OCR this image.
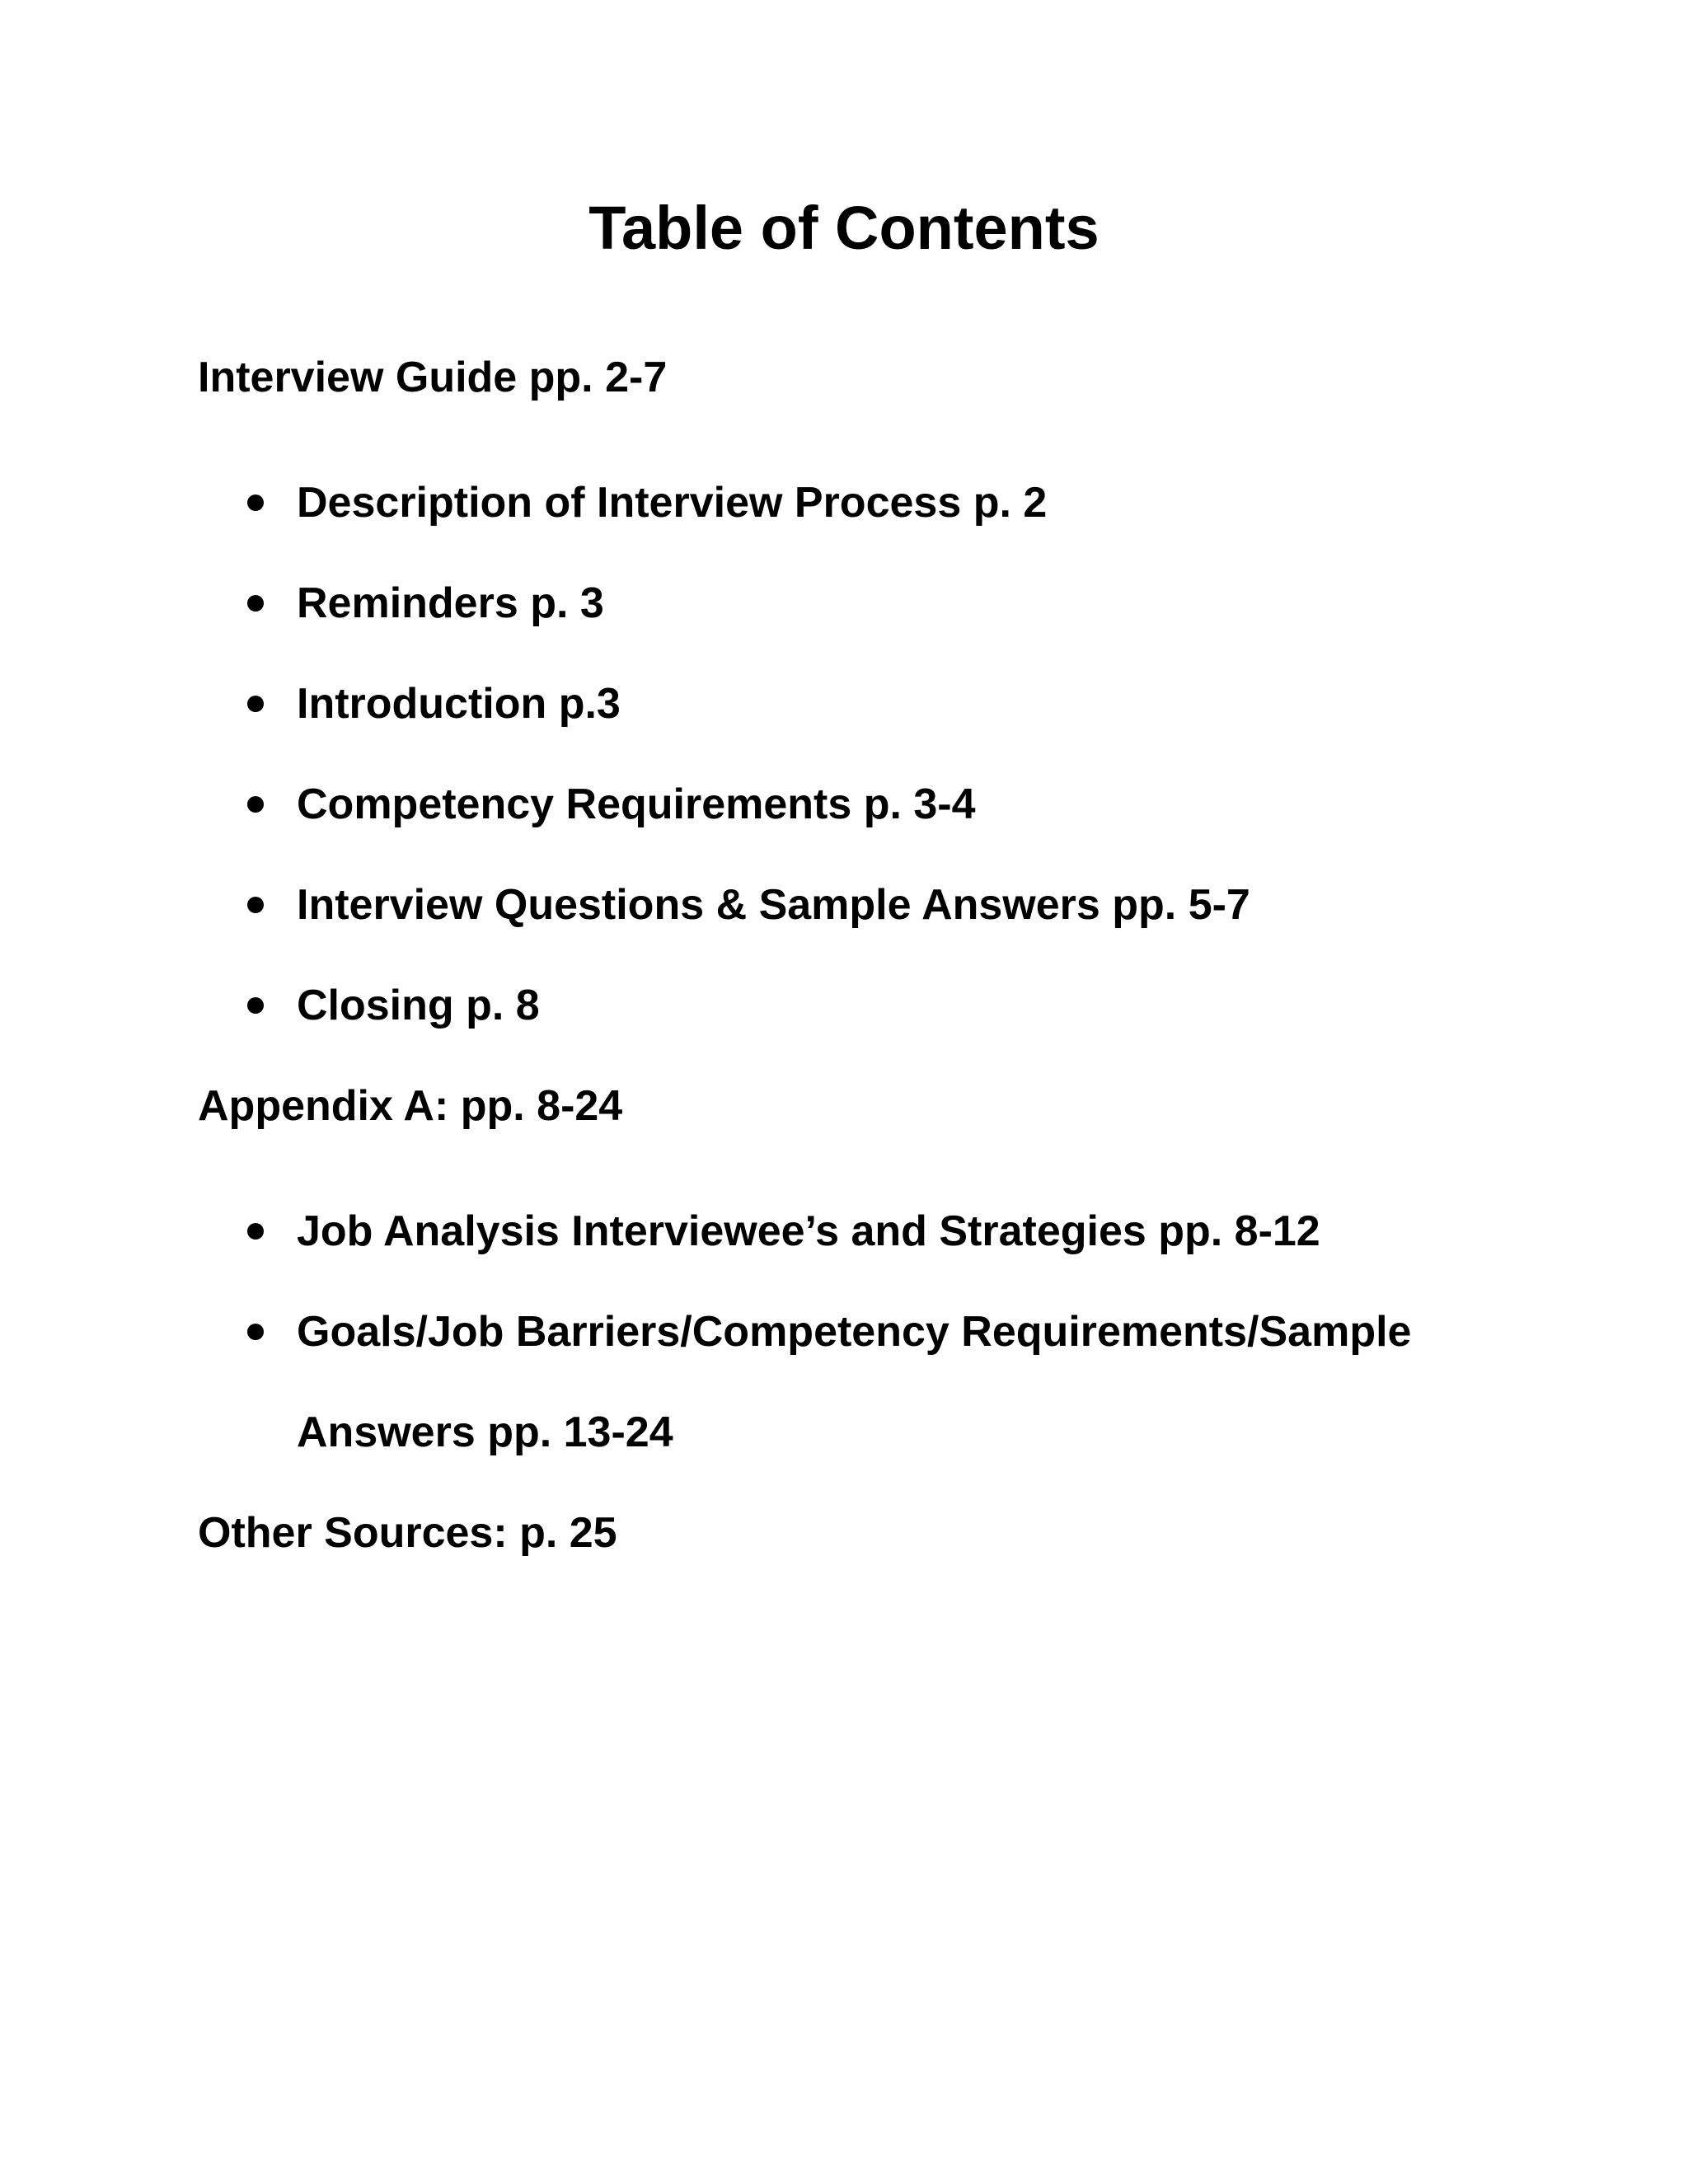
Table of Contents
Interview Guide pp. 2-7
Description of Interview Process p. 2
Reminders p. 3
Introduction p.3
Competency Requirements p. 3-4
Interview Questions & Sample Answers pp. 5-7
Closing p. 8
Appendix A: pp. 8-24
Job Analysis Interviewee’s and Strategies pp. 8-12
Goals/Job Barriers/Competency Requirements/Sample
Answers pp. 13-24
Other Sources: p. 25
